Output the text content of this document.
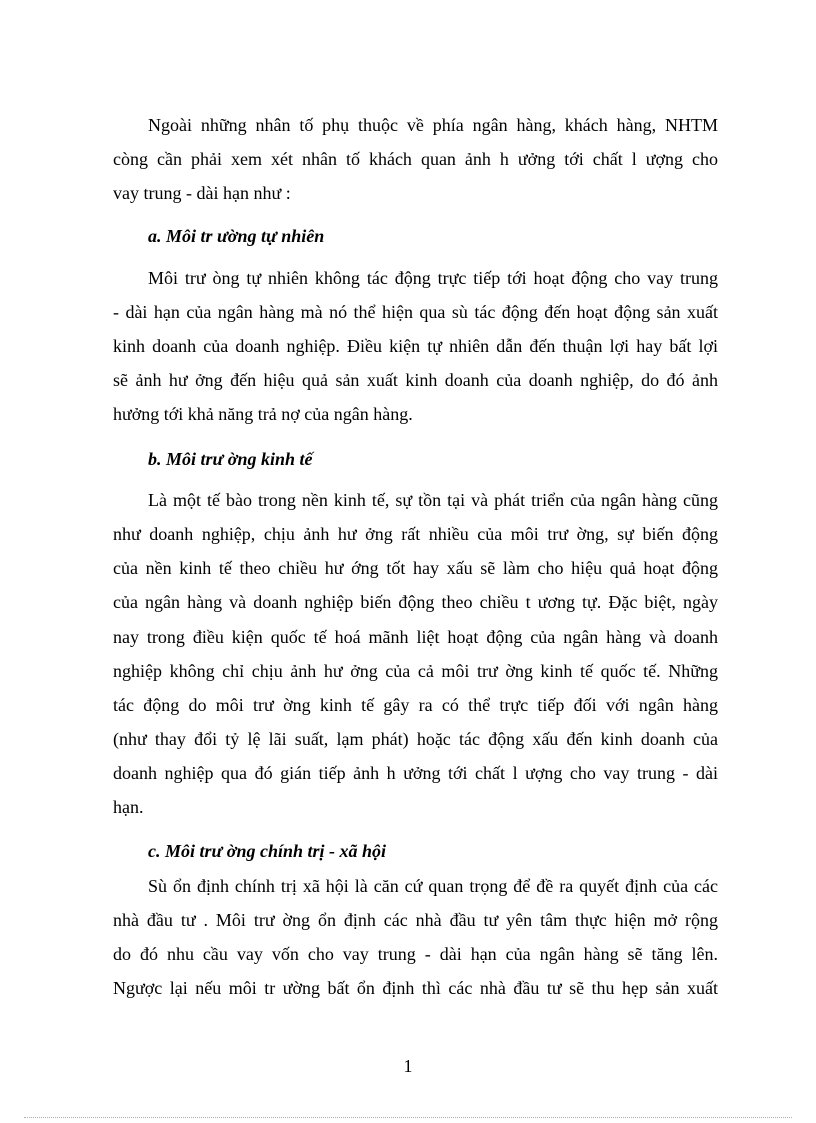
Ngoài những nhân tố phụ thuộc về phía ngân hàng, khách hàng, NHTM
còng cần phải xem xét nhân tố khách quan ảnh h ưởng tới chất l ượng cho
vay trung - dài hạn như :
a. Môi tr ường tự nhiên
Môi trư òng tự nhiên không tác động trực tiếp tới hoạt động cho vay trung
- dài hạn của ngân hàng mà nó thể hiện qua sù tác động đến hoạt động sản xuất
kinh doanh của doanh nghiệp. Điều kiện tự nhiên dẫn đến thuận lợi hay bất lợi
sẽ ảnh hư ởng đến hiệu quả sản xuất kinh doanh của doanh nghiệp, do đó ảnh
hưởng tới khả năng trả nợ của ngân hàng.
b. Môi trư ờng kinh tế
Là một tế bào trong nền kinh tế, sự tồn tại và phát triển của ngân hàng cũng
như doanh nghiệp, chịu ảnh hư ởng rất nhiều của môi trư ờng, sự biến động
của nền kinh tế theo chiều hư ớng tốt hay xấu sẽ làm cho hiệu quả hoạt động
của ngân hàng và doanh nghiệp biến động theo chiều t ương tự. Đặc biệt, ngày
nay trong điều kiện quốc tế hoá mãnh liệt hoạt động của ngân hàng và doanh
nghiệp không chỉ chịu ảnh hư ởng của cả môi trư ờng kinh tế quốc tế. Những
tác động do môi trư ờng kinh tế gây ra có thể trực tiếp đối với ngân hàng
(như thay đổi tỷ lệ lãi suất, lạm phát) hoặc tác động xấu đến kinh doanh của
doanh nghiệp qua đó gián tiếp ảnh h ưởng tới chất l ượng cho vay trung - dài
hạn.
c. Môi trư ờng chính trị - xã hội
Sù ổn định chính trị xã hội là căn cứ quan trọng để đề ra quyết định của các
nhà đầu tư . Môi trư ờng ổn định các nhà đầu tư yên tâm thực hiện mở rộng
do đó nhu cầu vay vốn cho vay trung - dài hạn của ngân hàng sẽ tăng lên.
Ngược lại nếu môi tr ường bất ổn định thì các nhà đầu tư sẽ thu hẹp sản xuất
1
